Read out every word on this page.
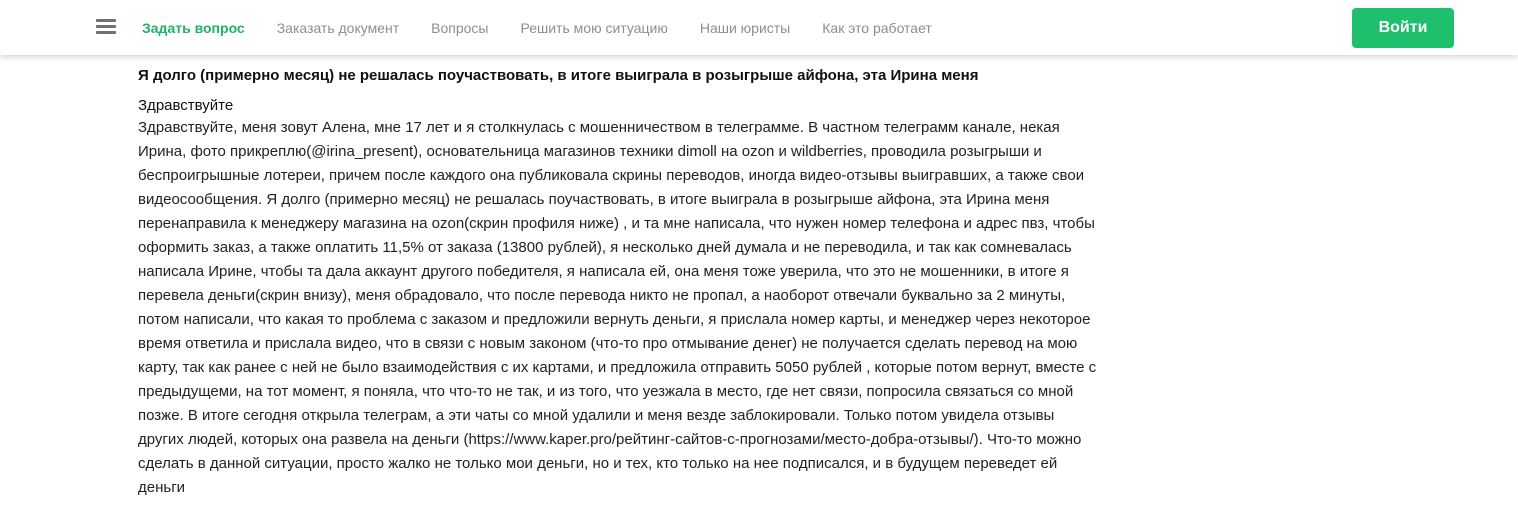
Задать вопрос Заказать документ Вопросы Решить мою ситуацию Наши юристы Как это работает	Войти
Я долго (примерно месяц) не решалась поучаствовать, в итоге выиграла в розыгрыше айфона, эта Ирина меня

Здравствуйте

Здравствуйте, меня зовут Алена, мне 17 лет и я столкнулась с мошенничеством в телеграмме. В частном телеграмм канале, некая Ирина, фото прикреплю(@irina_present), основательница магазинов техники dimoll на ozon и wildberries, проводила розыгрыши и беспроигрышные лотереи, причем после каждого она публиковала скрины переводов, иногда видео-отзывы выигравших, а также свои видеосообщения. Я долго (примерно месяц) не решалась поучаствовать, в итоге выиграла в розыгрыше айфона, эта Ирина меня перенаправила к менеджеру магазина на ozon(скрин профиля ниже) , и та мне написала, что нужен номер телефона и адрес пвз, чтобы оформить заказ, а также оплатить 11,5% от заказа (13800 рублей), я несколько дней думала и не переводила, и так как сомневалась написала Ирине, чтобы та дала аккаунт другого победителя, я написала ей, она меня тоже уверила, что это не мошенники, в итоге я перевела деньги(скрин внизу), меня обрадовало, что после перевода никто не пропал, а наоборот отвечали буквально за 2 минуты, потом написали, что какая то проблема с заказом и предложили вернуть деньги, я прислала номер карты, и менеджер через некоторое время ответила и прислала видео, что в связи с новым законом (что-то про отмывание денег) не получается сделать перевод на мою карту, так как ранее с ней не было взаимодействия с их картами, и предложила отправить 5050 рублей , которые потом вернут, вместе с предыдущеми, на тот момент, я поняла, что что-то не так, и из того, что уезжала в место, где нет связи, попросила связаться со мной позже. В итоге сегодня открыла телеграм, а эти чаты со мной удалили и меня везде заблокировали. Только потом увидела отзывы других людей, которых она развела на деньги (https://www.kaper.pro/рейтинг-сайтов-с-прогнозами/место-добра-отзывы/). Что-то можно сделать в данной ситуации, просто жалко не только мои деньги, но и тех, кто только на нее подписался, и в будущем переведет ей деньги
